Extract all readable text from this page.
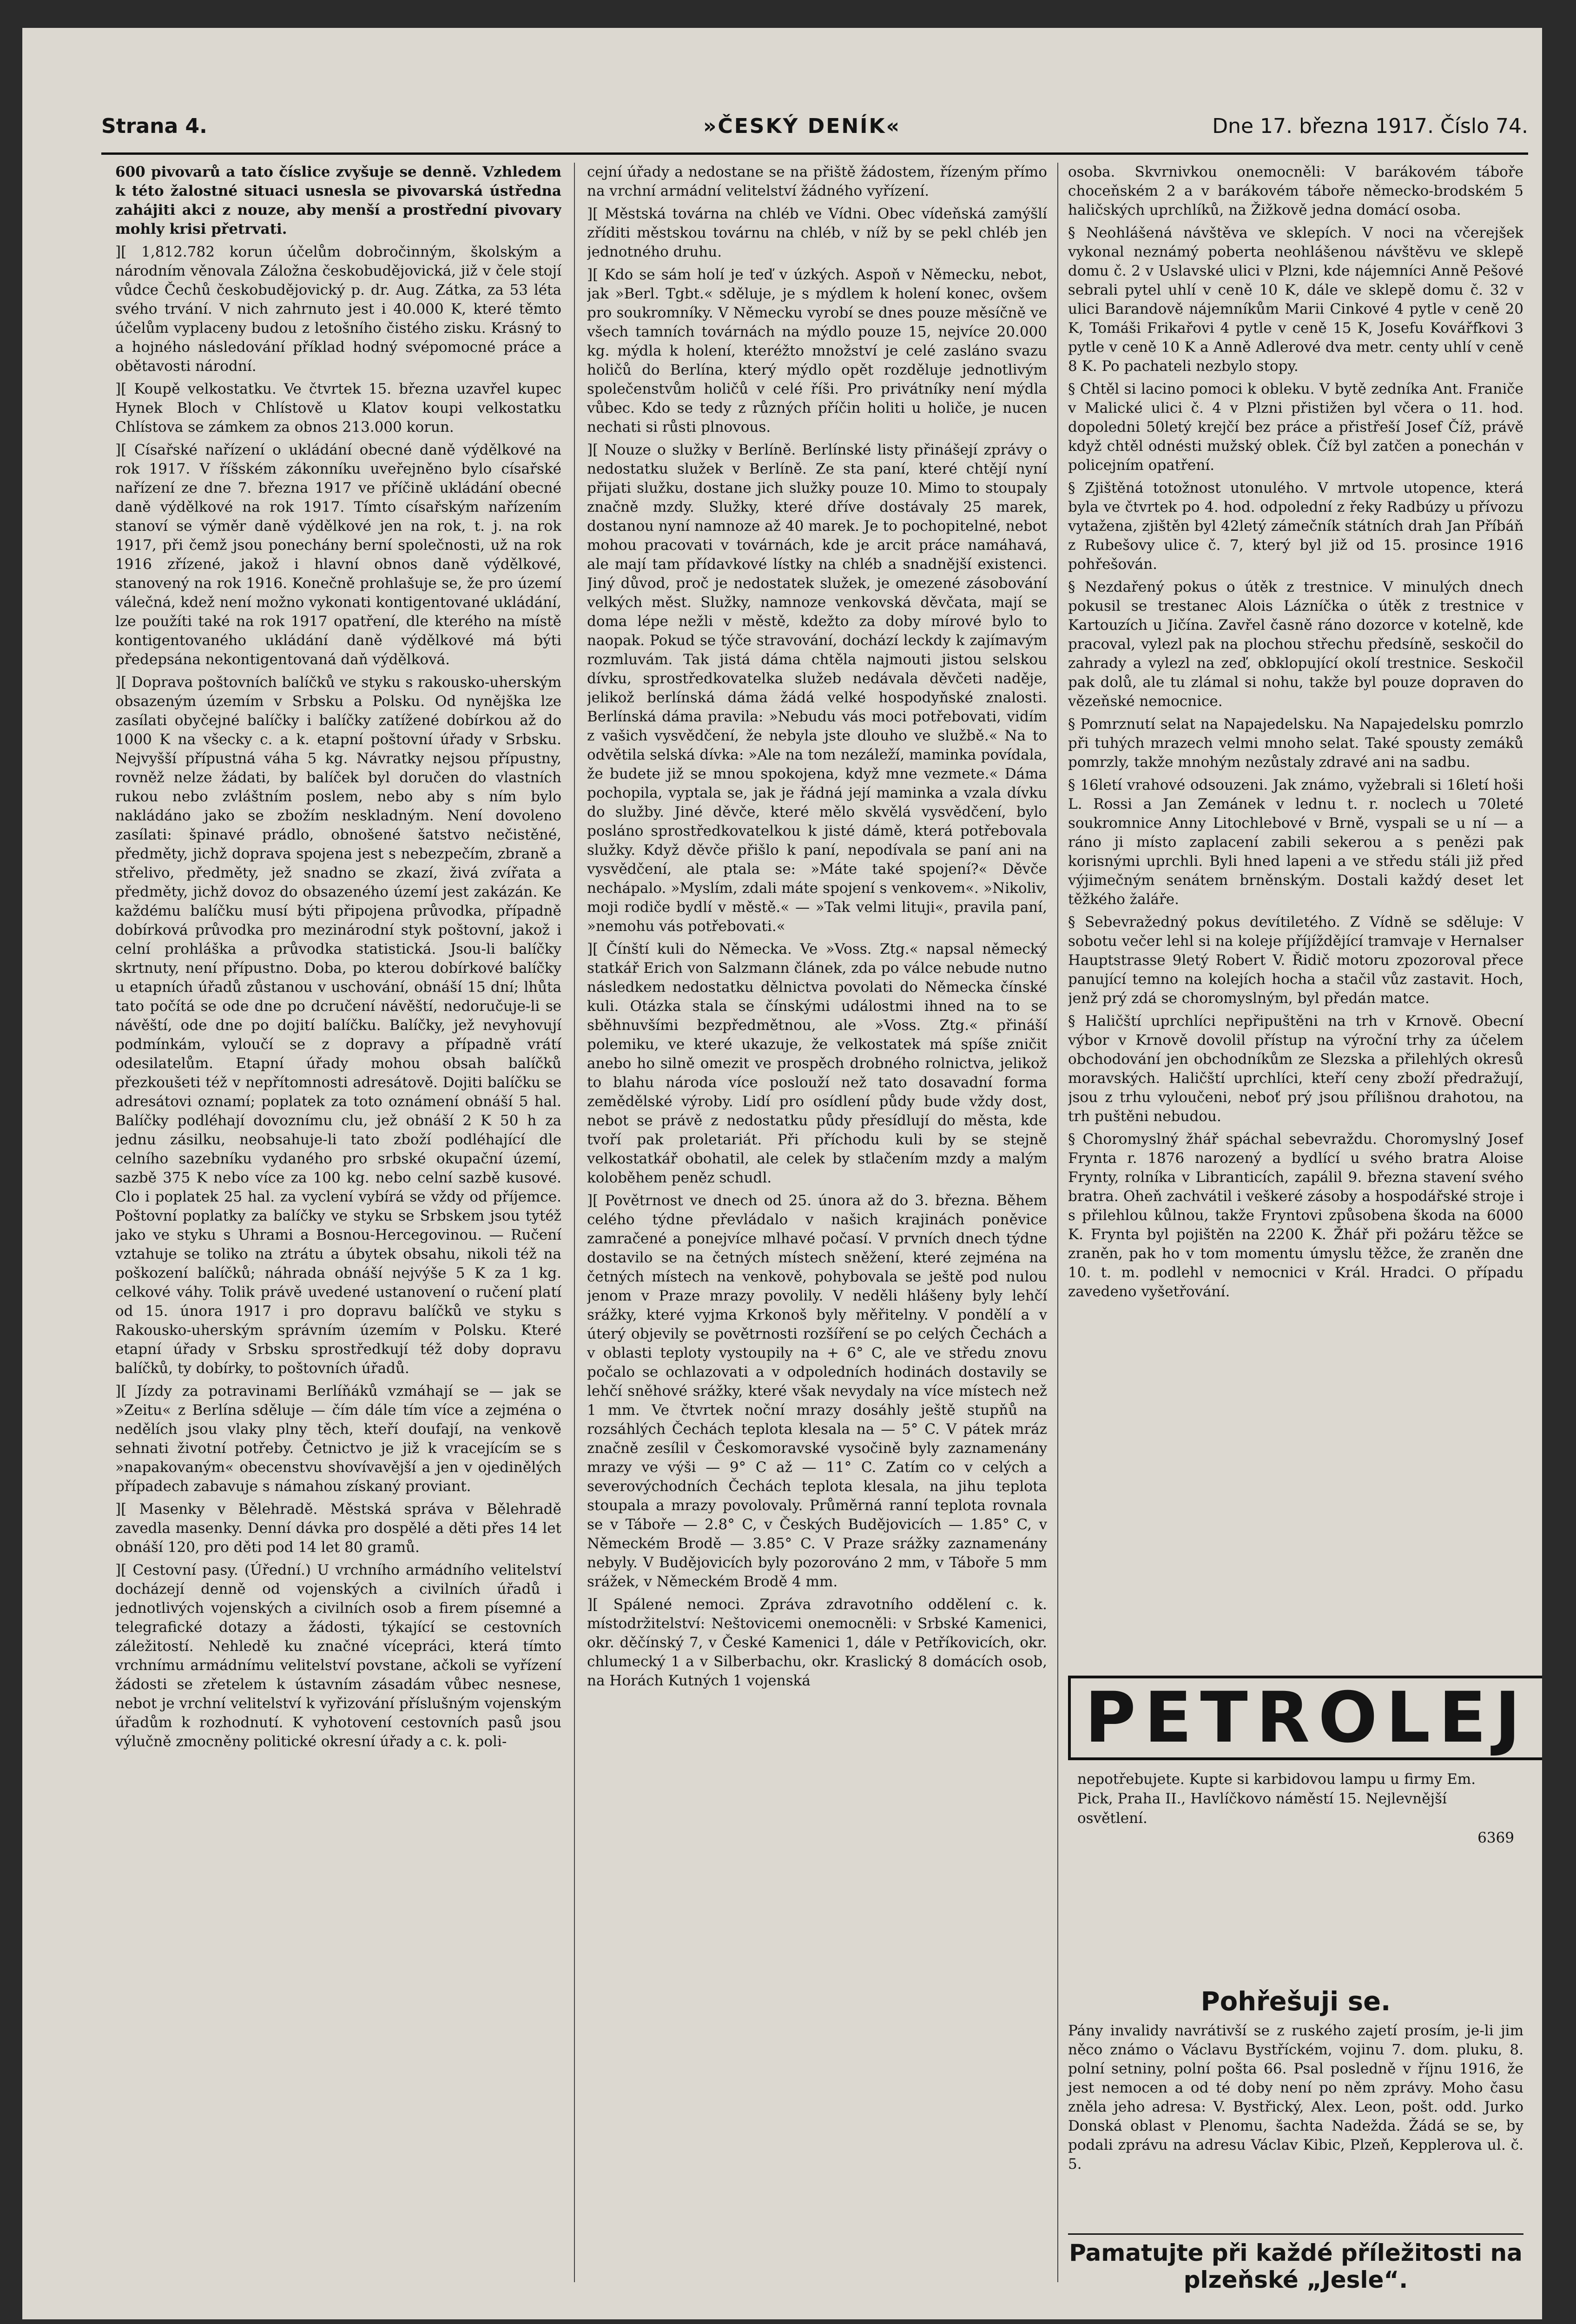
Strana 4.	»ČESKÝ DENÍK«	Dne 17. března 1917. Číslo 74.

600 pivovarů a tato číslice zvyšuje se denně. Vzhledem k této žalostné situaci usnesla se pivovarská ústředna zahájiti akci z nouze, aby menší a prostřední pivovary mohly krisi přetrvati.

][ 1,812.782 korun účelům dobročinným, školským a národním věnovala Záložna českobudějovická, již v čele stojí vůdce Čechů českobudějovický p. dr. Aug. Zátka, za 53 léta svého trvání. V nich zahrnuto jest i 40.000 K, které těmto účelům vyplaceny budou z letošního čistého zisku. Krásný to a hojného následování příklad hodný svépomocné práce a obětavosti národní.

][ Koupě velkostatku. Ve čtvrtek 15. března uzavřel kupec Hynek Bloch v Chlístově u Klatov koupi velkostatku Chlístova se zámkem za obnos 213.000 korun.

][ Císařské nařízení o ukládání obecné daně výdělkové na rok 1917. V říšském zákonníku uveřejněno bylo císařské nařízení ze dne 7. března 1917 ve příčině ukládání obecné daně výdělkové na rok 1917. Tímto císařským nařízením stanoví se výměr daně výdělkové jen na rok, t. j. na rok 1917, při čemž jsou ponechány berní společnosti, už na rok 1916 zřízené, jakož i hlavní obnos daně výdělkové, stanovený na rok 1916. Konečně prohlašuje se, že pro území válečná, kdež není možno vykonati kontigentované ukládání, lze použíti také na rok 1917 opatření, dle kterého na místě kontigentovaného ukládání daně výdělkové má býti předepsána nekontigentovaná daň výdělková.

][ Doprava poštovních balíčků ve styku s rakousko-uherským obsazeným územím v Srbsku a Polsku. Od nynějška lze zasílati obyčejné balíčky i balíčky zatížené dobírkou až do 1000 K na všecky c. a k. etapní poštovní úřady v Srbsku. Nejvyšší přípustná váha 5 kg. Návratky nejsou přípustny, rovněž nelze žádati, by balíček byl doručen do vlastních rukou nebo zvláštním poslem, nebo aby s ním bylo nakládáno jako se zbožím neskladným. Není dovoleno zasílati: špinavé prádlo, obnošené šatstvo nečistěné, předměty, jichž doprava spojena jest s nebezpečím, zbraně a střelivo, předměty, jež snadno se zkazí, živá zvířata a předměty, jichž dovoz do obsazeného území jest zakázán. Ke každému balíčku musí býti připojena průvodka, případně dobírková průvodka pro mezinárodní styk poštovní, jakož i celní prohláška a průvodka statistická. Jsou-li balíčky skrtnuty, není přípustno. Doba, po kterou dobírkové balíčky u etapních úřadů zůstanou v uschování, obnáší 15 dní; lhůta tato počítá se ode dne po dcručení návěští, nedoručuje-li se návěští, ode dne po dojití balíčku. Balíčky, jež nevyhovují podmínkám, vyloučí se z dopravy a případně vrátí odesilatelům. Etapní úřady mohou obsah balíčků přezkoušeti též v nepřítomnosti adresátově. Dojiti balíčku se adresátovi oznamí; poplatek za toto oznámení obnáší 5 hal. Balíčky podléhají dovoznímu clu, jež obnáší 2 K 50 h za jednu zásilku, neobsahuje-li tato zboží podléhající dle celního sazebníku vydaného pro srbské okupační území, sazbě 375 K nebo více za 100 kg. nebo celní sazbě kusové. Clo i poplatek 25 hal. za vyclení vybírá se vždy od příjemce. Poštovní poplatky za balíčky ve styku se Srbskem jsou tytéž jako ve styku s Uhrami a Bosnou-Hercegovinou. — Ručení vztahuje se toliko na ztrátu a úbytek obsahu, nikoli též na poškození balíčků; náhrada obnáší nejvýše 5 K za 1 kg. celkové váhy. Tolik právě uvedené ustanovení o ručení platí od 15. února 1917 i pro dopravu balíčků ve styku s Rakousko-uherským správním územím v Polsku. Které etapní úřady v Srbsku sprostředkují též doby dopravu balíčků, ty dobírky, to poštovních úřadů.

][ Jízdy za potravinami Berlíňáků vzmáhají se — jak se »Zeitu« z Berlína sděluje — čím dále tím více a zejména o nedělích jsou vlaky plny těch, kteří doufají, na venkově sehnati životní potřeby. Četnictvo je již k vracejícím se s »napakovaným« obecenstvu shovívavější a jen v ojedinělých případech zabavuje s námahou získaný proviant.

][ Masenky v Bělehradě. Městská správa v Bělehradě zavedla masenky. Denní dávka pro dospělé a děti přes 14 let obnáší 120, pro děti pod 14 let 80 gramů.

][ Cestovní pasy. (Úřední.) U vrchního armádního velitelství docházejí denně od vojenských a civilních úřadů i jednotlivých vojenských a civilních osob a firem písemné a telegrafické dotazy a žádosti, týkající se cestovních záležitostí. Nehledě ku značné vícepráci, která tímto vrchnímu armádnímu velitelství povstane, ačkoli se vyřízení žádosti se zřetelem k ústavním zásadám vůbec nesnese, nebot je vrchní velitelství k vyřizování příslušným vojenským úřadům k rozhodnutí. K vyhotovení cestovních pasů jsou výlučně zmocněny politické okresní úřady a c. k. poli-

cejní úřady a nedostane se na přiště žádostem, řízeným přímo na vrchní armádní velitelství žádného vyřízení.

][ Městská továrna na chléb ve Vídni. Obec vídeňská zamýšlí zříditi městskou továrnu na chléb, v níž by se pekl chléb jen jednotného druhu.

][ Kdo se sám holí je teď v úzkých. Aspoň v Německu, nebot, jak »Berl. Tgbt.« sděluje, je s mýdlem k holení konec, ovšem pro soukromníky. V Německu vyrobí se dnes pouze měsíčně ve všech tamních továrnách na mýdlo pouze 15, nejvíce 20.000 kg. mýdla k holení, kteréžto množství je celé zasláno svazu holičů do Berlína, který mýdlo opět rozděluje jednotlivým společenstvům holičů v celé říši. Pro privátníky není mýdla vůbec. Kdo se tedy z různých příčin holiti u holiče, je nucen nechati si růsti plnovous.

][ Nouze o služky v Berlíně. Berlínské listy přinášejí zprávy o nedostatku služek v Berlíně. Ze sta paní, které chtějí nyní přijati služku, dostane jich služky pouze 10. Mimo to stoupaly značně mzdy. Služky, které dříve dostávaly 25 marek, dostanou nyní namnoze až 40 marek. Je to pochopitelné, nebot mohou pracovati v továrnách, kde je arcit práce namáhavá, ale mají tam přídavkové lístky na chléb a snadnější existenci. Jiný důvod, proč je nedostatek služek, je omezené zásobování velkých měst. Služky, namnoze venkovská děvčata, mají se doma lépe nežli v městě, kdežto za doby mírové bylo to naopak. Pokud se týče stravování, dochází leckdy k zajímavým rozmluvám. Tak jistá dáma chtěla najmouti jistou selskou dívku, sprostředkovatelka služeb nedávala děvčeti naděje, jelikož berlínská dáma žádá velké hospodyňské znalosti. Berlínská dáma pravila: »Nebudu vás moci potřebovati, vidím z vašich vysvědčení, že nebyla jste dlouho ve službě.« Na to odvětila selská dívka: »Ale na tom nezáleží, maminka povídala, že budete již se mnou spokojena, když mne vezmete.« Dáma pochopila, vyptala se, jak je řádná její maminka a vzala dívku do služby. Jiné děvče, které mělo skvělá vysvědčení, bylo posláno sprostředkovatelkou k jisté dámě, která potřebovala služky. Když děvče přišlo k paní, nepodívala se paní ani na vysvědčení, ale ptala se: »Máte také spojení?« Děvče nechápalo. »Myslím, zdali máte spojení s venkovem«. »Nikoliv, moji rodiče bydlí v městě.« — »Tak velmi lituji«, pravila paní, »nemohu vás potřebovati.«

][ Čínští kuli do Německa. Ve »Voss. Ztg.« napsal německý statkář Erich von Salzmann článek, zda po válce nebude nutno následkem nedostatku dělnictva povolati do Německa čínské kuli. Otázka stala se čínskými událostmi ihned na to se sběhnuvšími bezpředmětnou, ale »Voss. Ztg.« přináší polemiku, ve které ukazuje, že velkostatek má spíše zničit anebo ho silně omezit ve prospěch drobného rolnictva, jelikož to blahu národa více poslouží než tato dosavadní forma zemědělské výroby. Lidí pro osídlení půdy bude vždy dost, nebot se právě z nedostatku půdy přesídlují do města, kde tvoří pak proletariát. Při příchodu kuli by se stejně velkostatkář obohatil, ale celek by stlačením mzdy a malým koloběhem peněz schudl.

][ Povětrnost ve dnech od 25. února až do 3. března. Během celého týdne převládalo v našich krajinách poněvice zamračené a ponejvíce mlhavé počasí. V prvních dnech týdne dostavilo se na četných místech sněžení, které zejména na četných místech na venkově, pohybovala se ještě pod nulou jenom v Praze mrazy povolily. V neděli hlášeny byly lehčí srážky, které vyjma Krkonoš byly měřitelny. V pondělí a v úterý objevily se povětrnosti rozšíření se po celých Čechách a v oblasti teploty vystoupily na + 6° C, ale ve středu znovu počalo se ochlazovati a v odpoledních hodinách dostavily se lehčí sněhové srážky, které však nevydaly na více místech než 1 mm. Ve čtvrtek noční mrazy dosáhly ještě stupňů na rozsáhlých Čechách teplota klesala na — 5° C. V pátek mráz značně zesílil v Českomoravské vysočině byly zaznamenány mrazy ve výši — 9° C až — 11° C. Zatím co v celých a severovýchodních Čechách teplota klesala, na jihu teplota stoupala a mrazy povolovaly. Průměrná ranní teplota rovnala se v Táboře — 2.8° C, v Českých Budějovicích — 1.85° C, v Německém Brodě — 3.85° C. V Praze srážky zaznamenány nebyly. V Budějovicích byly pozorováno 2 mm, v Táboře 5 mm srážek, v Německém Brodě 4 mm.

][ Spálené nemoci. Zpráva zdravotního oddělení c. k. místodržitelství: Neštovicemi onemocněli: v Srbské Kamenici, okr. děčínský 7, v České Kamenici 1, dále v Petříkovicích, okr. chlumecký 1 a v Silberbachu, okr. Kraslický 8 domácích osob, na Horách Kutných 1 vojenská

osoba. Skvrnivkou onemocněli: V barákovém táboře choceňském 2 a v barákovém táboře německo-brodském 5 haličských uprchlíků, na Žižkově jedna domácí osoba.

§ Neohlášená návštěva ve sklepích. V noci na včerejšek vykonal neznámý poberta neohlášenou návštěvu ve sklepě domu č. 2 v Uslavské ulici v Plzni, kde nájemníci Anně Pešové sebrali pytel uhlí v ceně 10 K, dále ve sklepě domu č. 32 v ulici Barandově nájemníkům Marii Cinkové 4 pytle v ceně 20 K, Tomáši Frikařovi 4 pytle v ceně 15 K, Josefu Kovářfkovi 3 pytle v ceně 10 K a Anně Adlerové dva metr. centy uhlí v ceně 8 K. Po pachateli nezbylo stopy.

§ Chtěl si lacino pomoci k obleku. V bytě zedníka Ant. Franiče v Malické ulici č. 4 v Plzni přistižen byl včera o 11. hod. dopoledni 50letý krejčí bez práce a přistřeší Josef Číž, právě když chtěl odnésti mužský oblek. Číž byl zatčen a ponechán v policejním opatření.

§ Zjištěná totožnost utonulého. V mrtvole utopence, která byla ve čtvrtek po 4. hod. odpolední z řeky Radbúzy u přívozu vytažena, zjištěn byl 42letý zámečník státních drah Jan Příbáň z Rubešovy ulice č. 7, který byl již od 15. prosince 1916 pohřešován.

§ Nezdařený pokus o útěk z trestnice. V minulých dnech pokusil se trestanec Alois Lázníčka o útěk z trestnice v Kartouzích u Jičína. Zavřel časně ráno dozorce v kotelně, kde pracoval, vylezl pak na plochou střechu předsíně, seskočil do zahrady a vylezl na zeď, obklopující okolí trestnice. Seskočil pak dolů, ale tu zlámal si nohu, takže byl pouze dopraven do vězeňské nemocnice.

§ Pomrznutí selat na Napajedelsku. Na Napajedelsku pomrzlo při tuhých mrazech velmi mnoho selat. Také spousty zemáků pomrzly, takže mnohým nezůstaly zdravé ani na sadbu.

§ 16letí vrahové odsouzeni. Jak známo, vyžebrali si 16letí hoši L. Rossi a Jan Zemánek v lednu t. r. noclech u 70leté soukromnice Anny Litochlebové v Brně, vyspali se u ní — a ráno ji místo zaplacení zabili sekerou a s penězi pak korisnými uprchli. Byli hned lapeni a ve středu stáli již před výjimečným senátem brněnským. Dostali každý deset let těžkého žaláře.

§ Sebevražedný pokus devítiletého. Z Vídně se sděluje: V sobotu večer lehl si na koleje příjíždějící tramvaje v Hernalser Hauptstrasse 9letý Robert V. Řidič motoru zpozoroval přece panující temno na kolejích hocha a stačil vůz zastavit. Hoch, jenž prý zdá se choromyslným, byl předán matce.

§ Haličští uprchlíci nepřipuštěni na trh v Krnově. Obecní výbor v Krnově dovolil přístup na výroční trhy za účelem obchodování jen obchodníkům ze Slezska a přilehlých okresů moravských. Haličští uprchlíci, kteří ceny zboží předražují, jsou z trhu vyloučeni, neboť prý jsou přílišnou drahotou, na trh puštěni nebudou.

§ Choromyslný žhář spáchal sebevraždu. Choromyslný Josef Frynta r. 1876 narozený a bydlící u svého bratra Aloise Frynty, rolníka v Libranticích, zapálil 9. března stavení svého bratra. Oheň zachvátil i veškeré zásoby a hospodářské stroje i s přilehlou kůlnou, takže Fryntovi způsobena škoda na 6000 K. Frynta byl pojištěn na 2200 K. Žhář při požáru těžce se zraněn, pak ho v tom momentu úmyslu těžce, že zraněn dne 10. t. m. podlehl v nemocnici v Král. Hradci. O případu zavedeno vyšetřování.

PETROLEJ
nepotřebujete. Kupte si karbidovou lampu u firmy Em. Pick, Praha II., Havlíčkovo náměstí 15. Nejlevnější osvětlení.
6369
Pohřešuji se.
Pány invalidy navrátivší se z ruského zajetí prosím, je-li jim něco známo o Václavu Bystříckém, vojinu 7. dom. pluku, 8. polní setniny, polní pošta 66. Psal posledně v říjnu 1916, že jest nemocen a od té doby není po něm zprávy. Moho času zněla jeho adresa: V. Bystřický, Alex. Leon, pošt. odd. Jurko Donská oblast v Plenomu, šachta Nadežda. Žádá se se, by podali zprávu na adresu Václav Kibic, Plzeň, Kepplerova ul. č. 5.
Pamatujte při každé příležitosti na plzeňské „Jesle“.
